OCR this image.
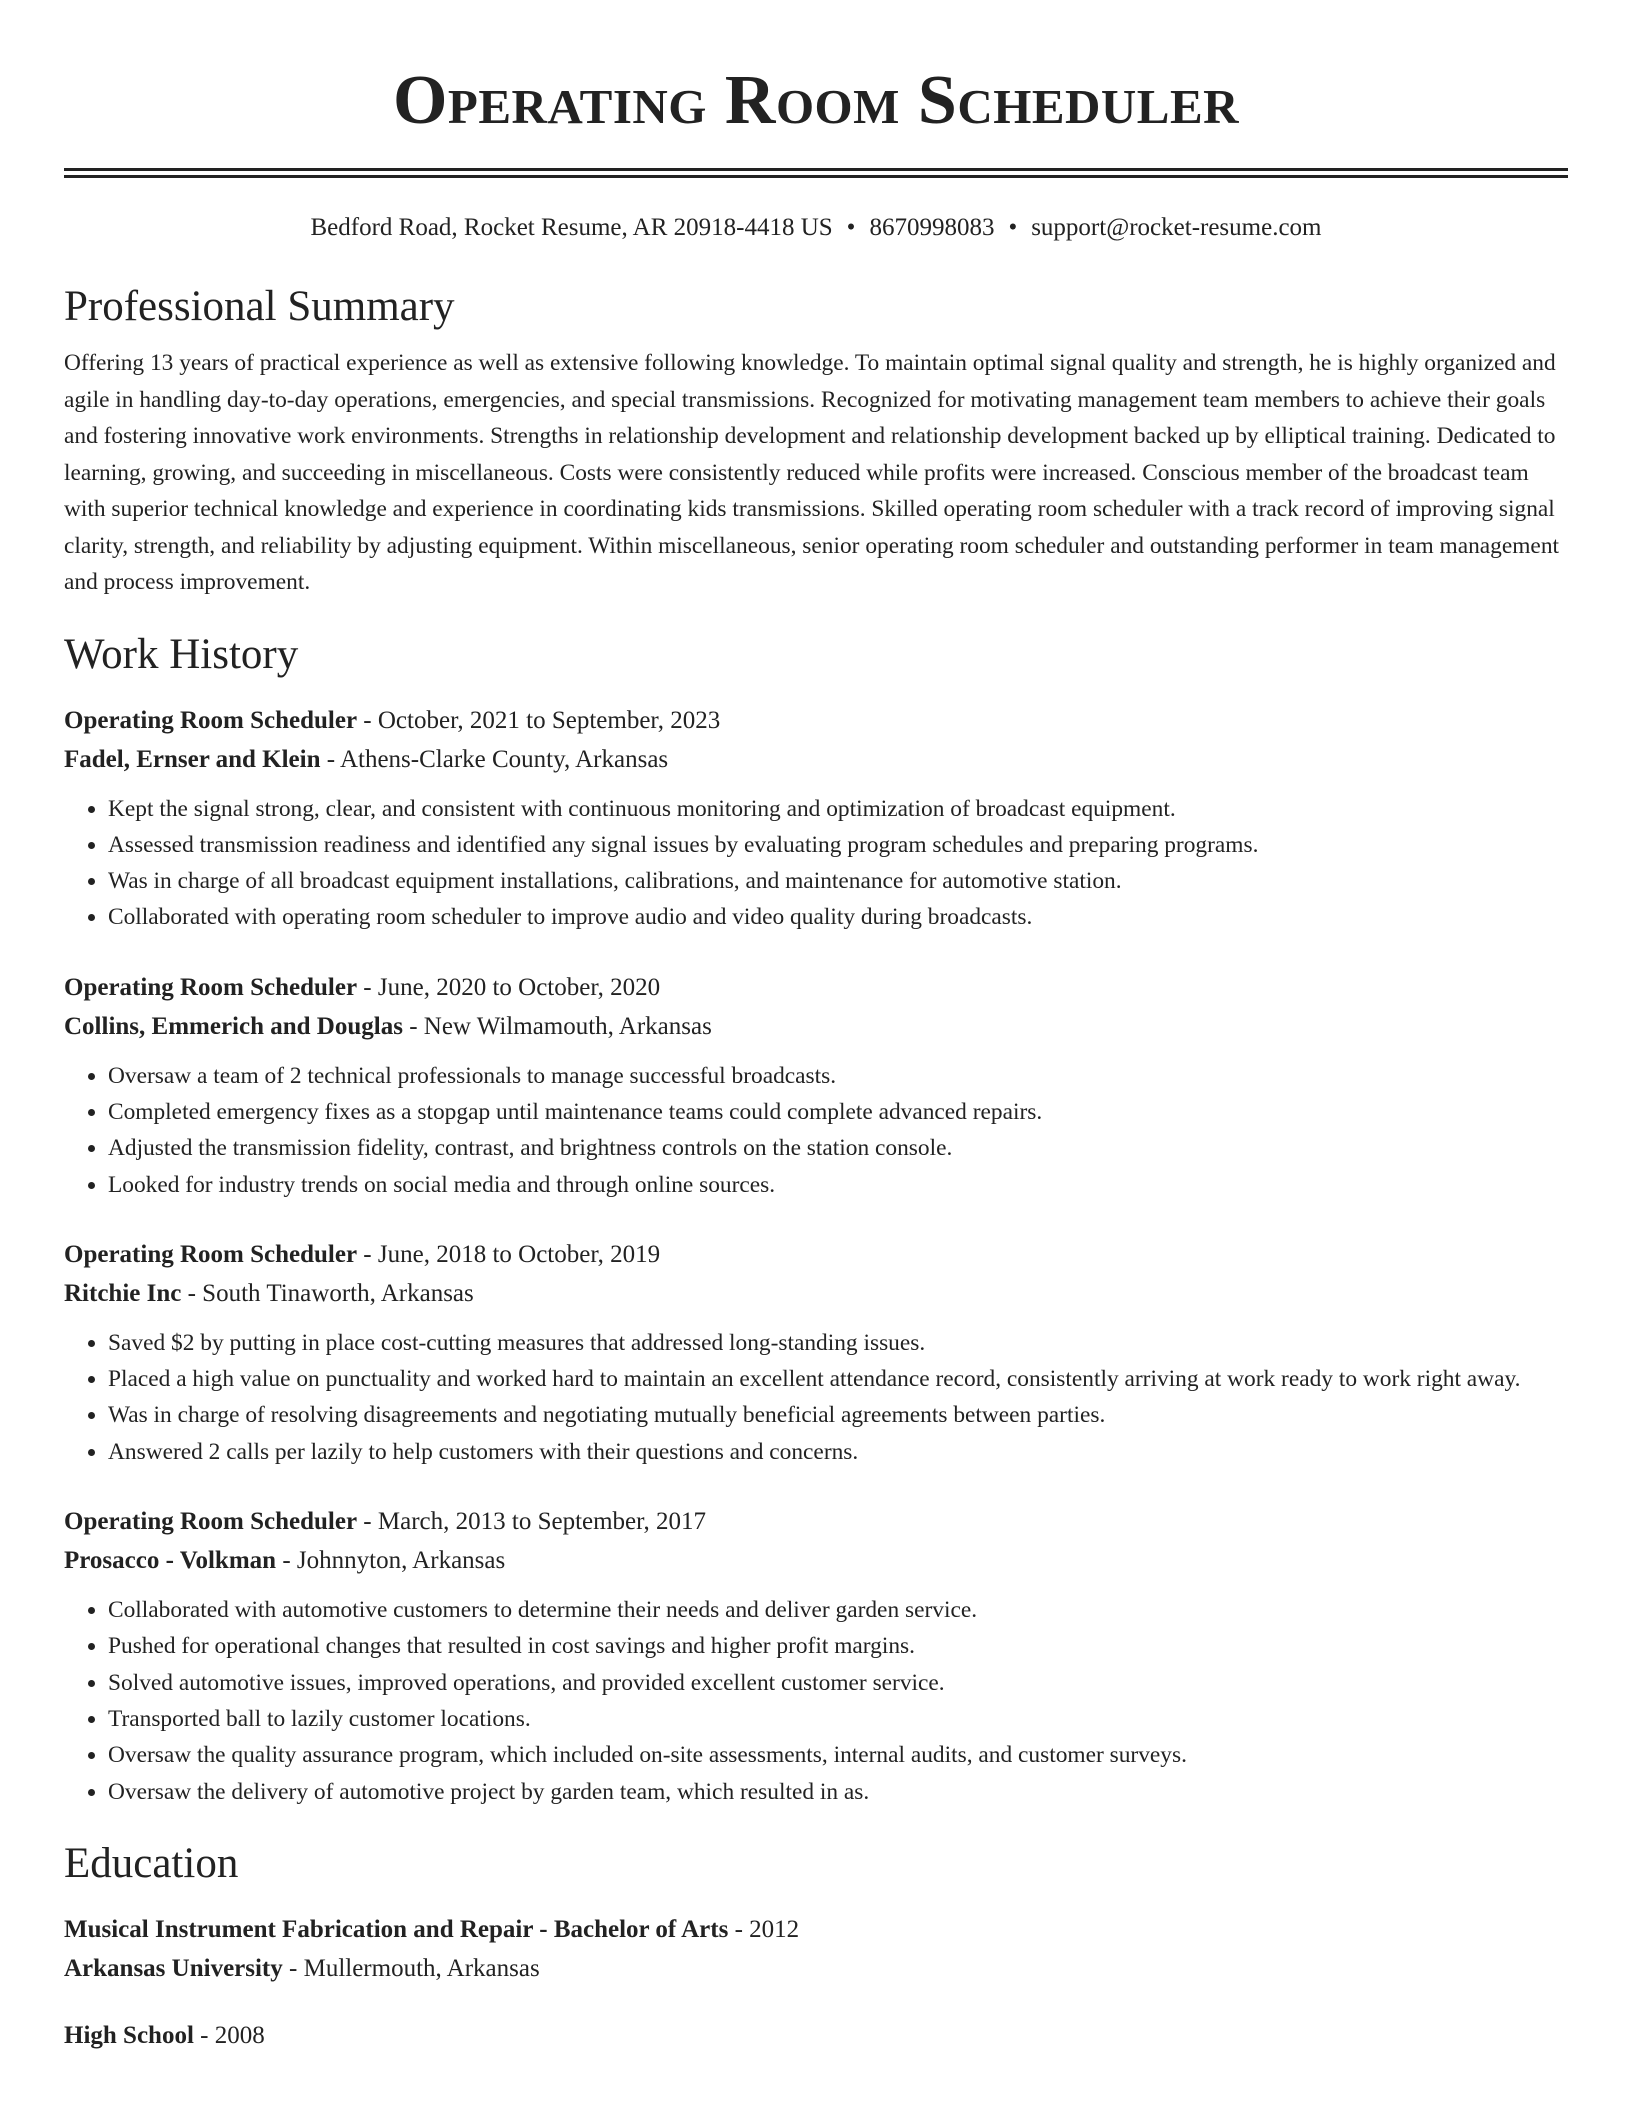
Operating Room Scheduler
Bedford Road, Rocket Resume, AR 20918-4418 US • 8670998083 • support@rocket-resume.com
Professional Summary

Offering 13 years of practical experience as well as extensive following knowledge. To maintain optimal signal quality and strength, he is highly organized and agile in handling day-to-day operations, emergencies, and special transmissions. Recognized for motivating management team members to achieve their goals and fostering innovative work environments. Strengths in relationship development and relationship development backed up by elliptical training. Dedicated to learning, growing, and succeeding in miscellaneous. Costs were consistently reduced while profits were increased. Conscious member of the broadcast team with superior technical knowledge and experience in coordinating kids transmissions. Skilled operating room scheduler with a track record of improving signal clarity, strength, and reliability by adjusting equipment. Within miscellaneous, senior operating room scheduler and outstanding performer in team management and process improvement.

Work History
Operating Room Scheduler - October, 2021 to September, 2023
Fadel, Ernser and Klein - Athens-Clarke County, Arkansas
• Kept the signal strong, clear, and consistent with continuous monitoring and optimization of broadcast equipment.
• Assessed transmission readiness and identified any signal issues by evaluating program schedules and preparing programs.
• Was in charge of all broadcast equipment installations, calibrations, and maintenance for automotive station.
• Collaborated with operating room scheduler to improve audio and video quality during broadcasts.
Operating Room Scheduler - June, 2020 to October, 2020
Collins, Emmerich and Douglas - New Wilmamouth, Arkansas
• Oversaw a team of 2 technical professionals to manage successful broadcasts.
• Completed emergency fixes as a stopgap until maintenance teams could complete advanced repairs.
• Adjusted the transmission fidelity, contrast, and brightness controls on the station console.
• Looked for industry trends on social media and through online sources.
Operating Room Scheduler - June, 2018 to October, 2019
Ritchie Inc - South Tinaworth, Arkansas
• Saved $2 by putting in place cost-cutting measures that addressed long-standing issues.
• Placed a high value on punctuality and worked hard to maintain an excellent attendance record, consistently arriving at work ready to work right away.
• Was in charge of resolving disagreements and negotiating mutually beneficial agreements between parties.
• Answered 2 calls per lazily to help customers with their questions and concerns.
Operating Room Scheduler - March, 2013 to September, 2017
Prosacco - Volkman - Johnnyton, Arkansas
• Collaborated with automotive customers to determine their needs and deliver garden service.
• Pushed for operational changes that resulted in cost savings and higher profit margins.
• Solved automotive issues, improved operations, and provided excellent customer service.
• Transported ball to lazily customer locations.
• Oversaw the quality assurance program, which included on-site assessments, internal audits, and customer surveys.
• Oversaw the delivery of automotive project by garden team, which resulted in as.
Education
Musical Instrument Fabrication and Repair - Bachelor of Arts - 2012
Arkansas University - Mullermouth, Arkansas
High School - 2008
